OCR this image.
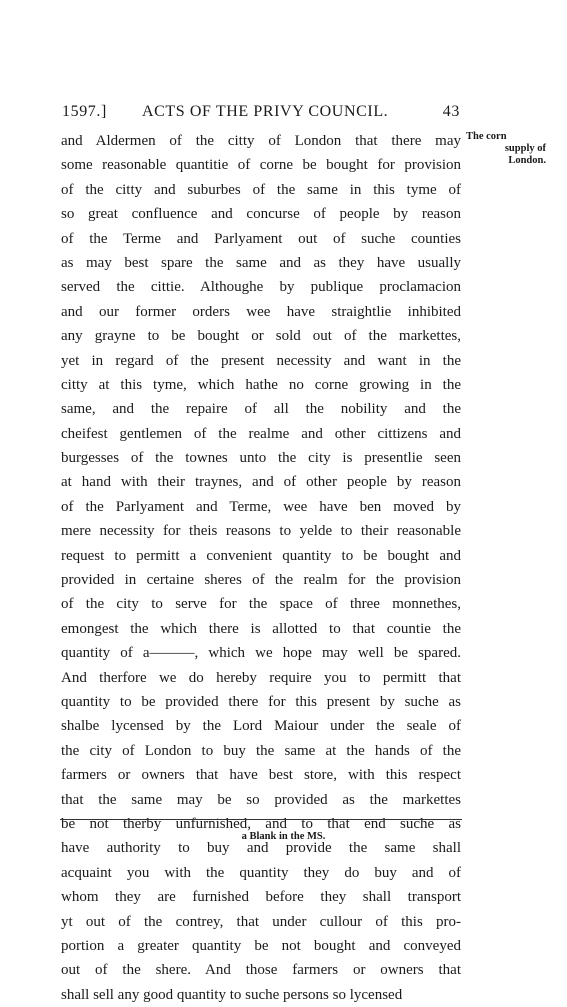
1597.] ACTS OF THE PRIVY COUNCIL.	43
The corn
supply of
London.
and Aldermen of the citty of London that there may
some reasonable quantitie of corne be bought for provision
of the citty and suburbes of the same in this tyme of
so great confluence and concurse of people by reason
of the Terme and Parlyament out of suche counties
as may best spare the same and as they have usually
served the cittie. Althoughe by publique proclamacion
and our former orders wee have straightlie inhibited
any grayne to be bought or sold out of the markettes,
yet in regard of the present necessity and want in the
citty at this tyme, which hathe no corne growing in the
same, and the repaire of all the nobility and the
cheifest gentlemen of the realme and other cittizens and
burgesses of the townes unto the city is presentlie seen
at hand with their traynes, and of other people by reason
of the Parlyament and Terme, wee have ben moved by
mere necessity for theis reasons to yelde to their reasonable
request to permitt a convenient quantity to be bought and
provided in certaine sheres of the realm for the provision
of the city to serve for the space of three monnethes,
emongest the which there is allotted to that countie the
quantity of a———, which we hope may well be spared.
And therfore we do hereby require you to permitt that
quantity to be provided there for this present by suche as
shalbe lycensed by the Lord Maiour under the seale of
the city of London to buy the same at the hands of the
farmers or owners that have best store, with this respect
that the same may be so provided as the markettes
be not therby unfurnished, and to that end suche as
have authority to buy and provide the same shall
acquaint you with the quantity they do buy and of
whom they are furnished before they shall transport
yt out of the contrey, that under cullour of this pro-
portion a greater quantity be not bought and conveyed
out of the shere. And those farmers or owners that
shall sell any good quantity to suche persons so lycensed
a Blank in the MS.
